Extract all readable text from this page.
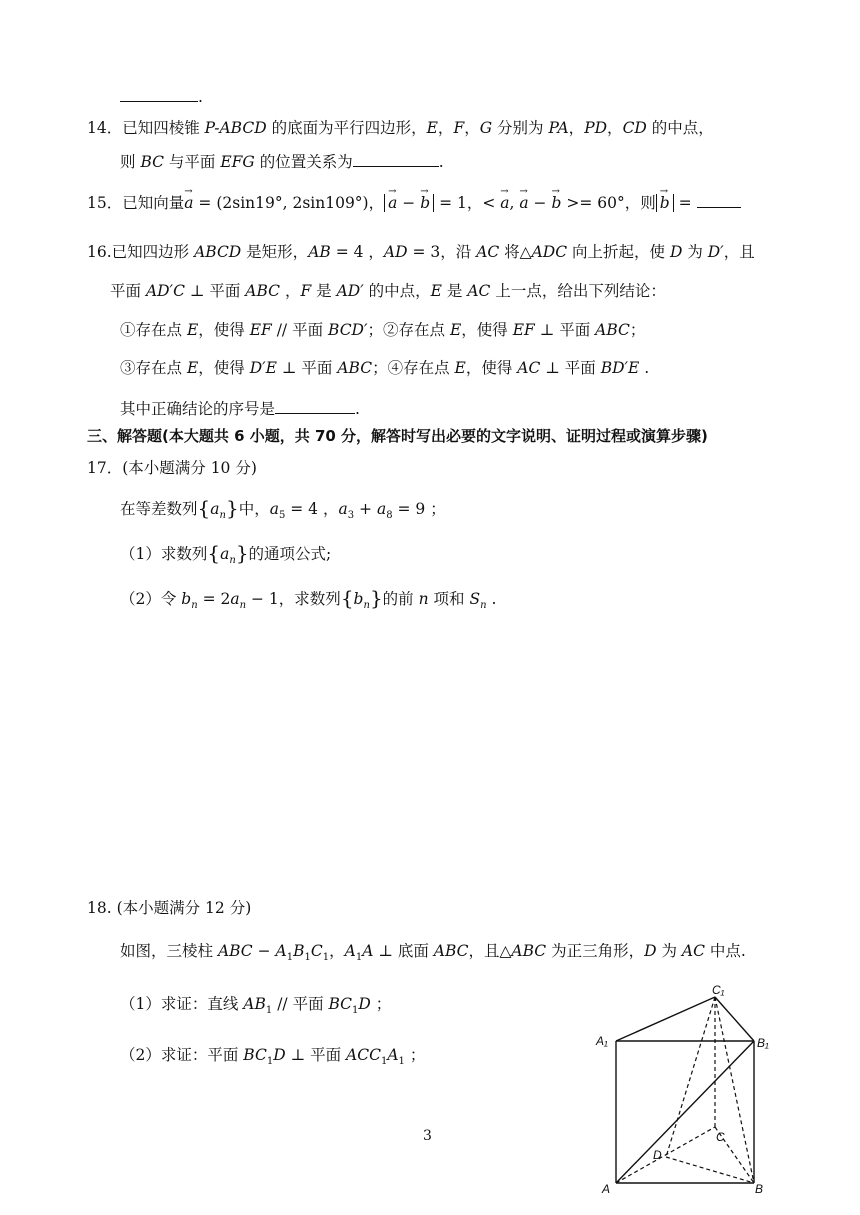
.
14．已知四棱锥 P-ABCD 的底面为平行四边形，E，F，G 分别为 PA，PD，CD 的中点，
则 BC 与平面 EFG 的位置关系为	.
15．已知向量→ a = (2sin19°, 2sin109°)， → a − → b = 1，< → a, → a − → b >= 60°，则 → b =
16.已知四边形 ABCD 是矩形，AB = 4 ，AD = 3，沿 AC 将△ADC 向上折起，使 D 为 D′，且
平面 AD′C ⊥ 平面 ABC ，F 是 AD′ 的中点，E 是 AC 上一点，给出下列结论：
①存在点 E，使得 EF // 平面 BCD′；②存在点 E，使得 EF ⊥ 平面 ABC；
③存在点 E，使得 D′E ⊥ 平面 ABC；④存在点 E，使得 AC ⊥ 平面 BD′E .
其中正确结论的序号是	.
三、解答题(本大题共 6 小题，共 70 分，解答时写出必要的文字说明、证明过程或演算步骤)
17．(本小题满分 10 分)
在等差数列$\{a_n\}$中，$a_5 = 4$ ，$a_3 + a_8 = 9$ ；
（1）求数列$\{a_n\}$的通项公式;
（2）令 $b_n = 2a_n - 1$，求数列$\{b_n\}$的前 n 项和 $S_n$ .
18. (本小题满分 12 分)
如图，三棱柱 ABC − $A_1B_1C_1$，$A_1A$ ⊥ 底面 ABC，且△ABC 为正三角形，D 为 AC 中点.
（1）求证：直线 $AB_1$ // 平面 $BC_1D$ ；
（2）求证：平面 $BC_1D$ ⊥ 平面 $ACC_1A_1$ ；
3
A₁	B₁
C₁
A	B
C
D
